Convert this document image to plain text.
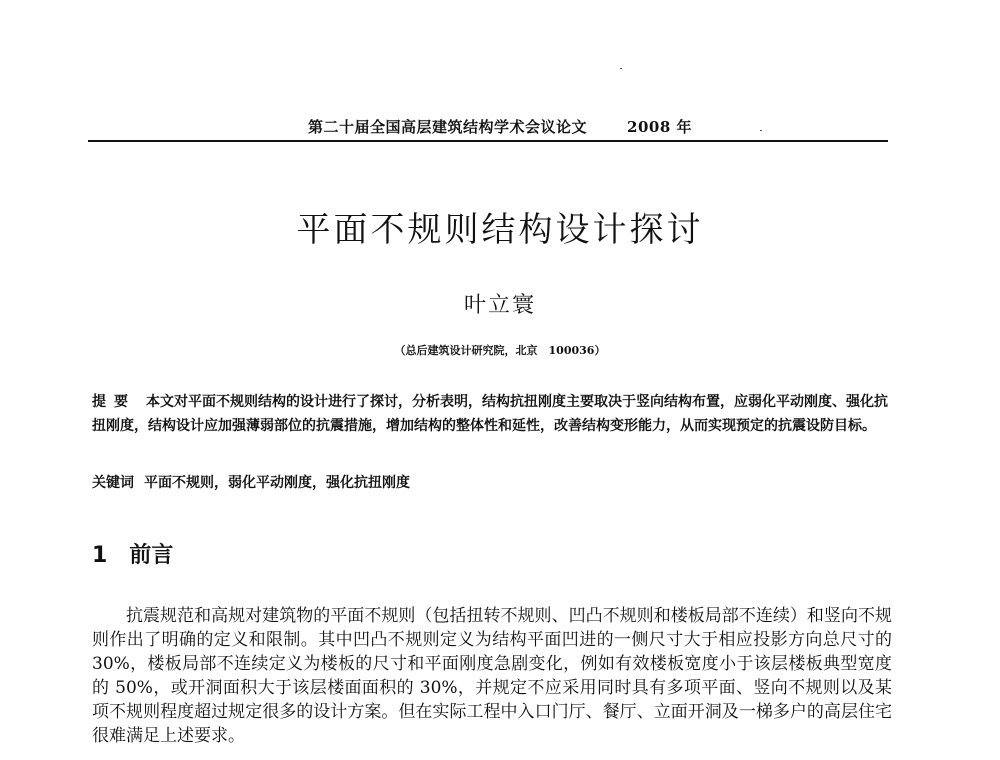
第二十届全国高层建筑结构学术会议论文	2008 年
平面不规则结构设计探讨
叶立寰
（总后建筑设计研究院，北京　100036）
提要 本文对平面不规则结构的设计进行了探讨，分析表明，结构抗扭刚度主要取决于竖向结构布置，应弱化平动刚度、强化抗扭刚度，结构设计应加强薄弱部位的抗震措施，增加结构的整体性和延性，改善结构变形能力，从而实现预定的抗震设防目标。
关键词 平面不规则，弱化平动刚度，强化抗扭刚度
1 前言
抗震规范和高规对建筑物的平面不规则（包括扭转不规则、凹凸不规则和楼板局部不连续）和竖向不规则作出了明确的定义和限制。其中凹凸不规则定义为结构平面凹进的一侧尺寸大于相应投影方向总尺寸的 30%，楼板局部不连续定义为楼板的尺寸和平面刚度急剧变化，例如有效楼板宽度小于该层楼板典型宽度的 50%，或开洞面积大于该层楼面面积的 30%，并规定不应采用同时具有多项平面、竖向不规则以及某项不规则程度超过规定很多的设计方案。但在实际工程中入口门厅、餐厅、立面开洞及一梯多户的高层住宅很难满足上述要求。
